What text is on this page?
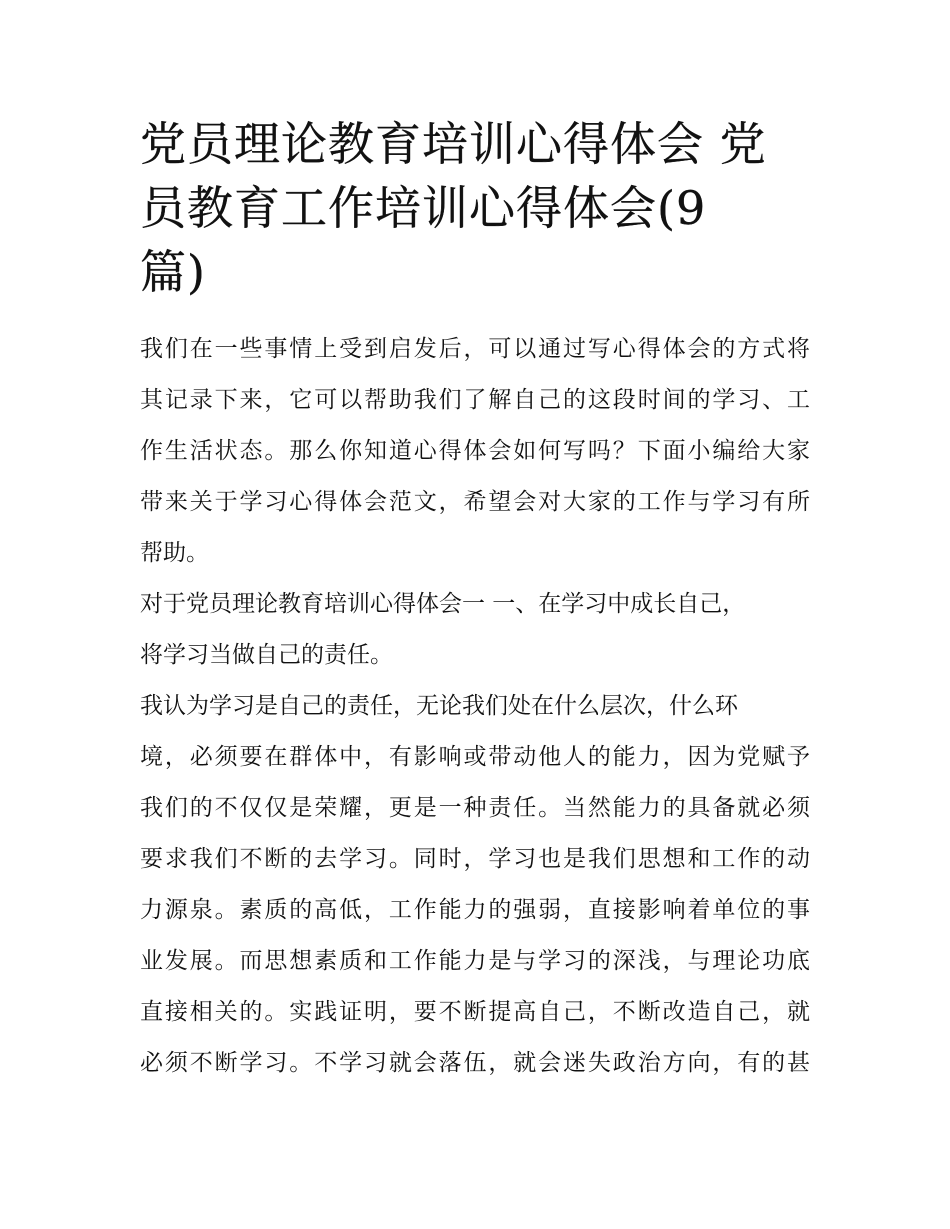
党员理论教育培训心得体会 党
员教育工作培训心得体会(9
篇)
我们在一些事情上受到启发后，可以通过写心得体会的方式将
其记录下来，它可以帮助我们了解自己的这段时间的学习、工
作生活状态。那么你知道心得体会如何写吗？下面小编给大家
带来关于学习心得体会范文，希望会对大家的工作与学习有所
帮助。
对于党员理论教育培训心得体会一 一、在学习中成长自己，
将学习当做自己的责任。
我认为学习是自己的责任，无论我们处在什么层次，什么环
境，必须要在群体中，有影响或带动他人的能力，因为党赋予
我们的不仅仅是荣耀，更是一种责任。当然能力的具备就必须
要求我们不断的去学习。同时，学习也是我们思想和工作的动
力源泉。素质的高低，工作能力的强弱，直接影响着单位的事
业发展。而思想素质和工作能力是与学习的深浅，与理论功底
直接相关的。实践证明，要不断提高自己，不断改造自己，就
必须不断学习。不学习就会落伍，就会迷失政治方向，有的甚
